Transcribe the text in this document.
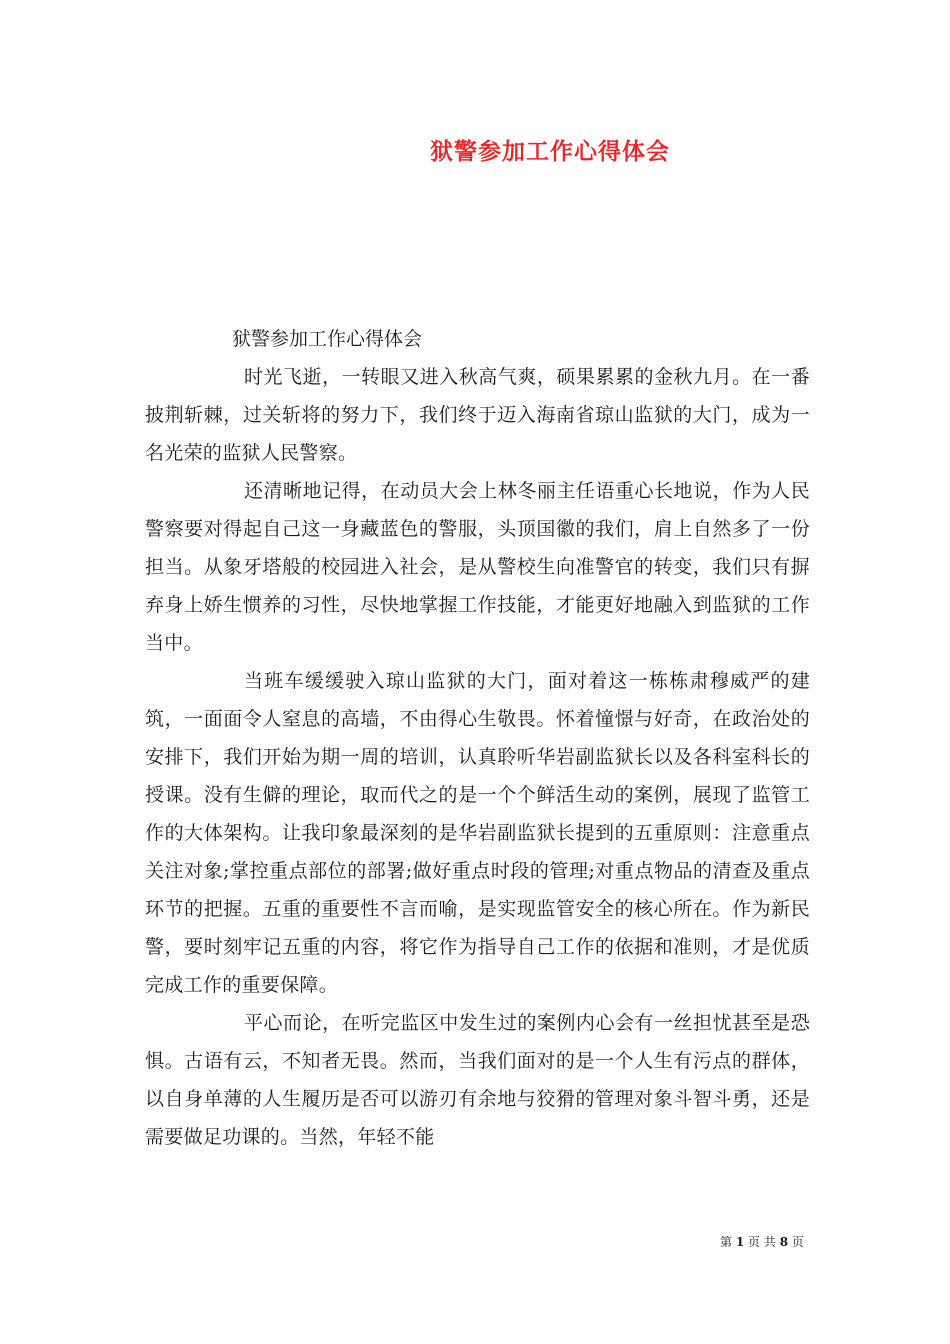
狱警参加工作心得体会
狱警参加工作心得体会

时光飞逝，一转眼又进入秋高气爽，硕果累累的金秋九月。在一番披荆斩棘，过关斩将的努力下，我们终于迈入海南省琼山监狱的大门，成为一名光荣的监狱人民警察。

还清晰地记得，在动员大会上林冬丽主任语重心长地说，作为人民警察要对得起自己这一身藏蓝色的警服，头顶国徽的我们，肩上自然多了一份担当。从象牙塔般的校园进入社会，是从警校生向准警官的转变，我们只有摒弃身上娇生惯养的习性，尽快地掌握工作技能，才能更好地融入到监狱的工作当中。

当班车缓缓驶入琼山监狱的大门，面对着这一栋栋肃穆威严的建筑，一面面令人窒息的高墙，不由得心生敬畏。怀着憧憬与好奇，在政治处的安排下，我们开始为期一周的培训，认真聆听华岩副监狱长以及各科室科长的授课。没有生僻的理论，取而代之的是一个个鲜活生动的案例，展现了监管工作的大体架构。让我印象最深刻的是华岩副监狱长提到的五重原则：注意重点关注对象;掌控重点部位的部署;做好重点时段的管理;对重点物品的清查及重点环节的把握。五重的重要性不言而喻，是实现监管安全的核心所在。作为新民警，要时刻牢记五重的内容，将它作为指导自己工作的依据和准则，才是优质完成工作的重要保障。

平心而论，在听完监区中发生过的案例内心会有一丝担忧甚至是恐惧。古语有云，不知者无畏。然而，当我们面对的是一个人生有污点的群体，以自身单薄的人生履历是否可以游刃有余地与狡猾的管理对象斗智斗勇，还是需要做足功课的。当然，年轻不能

第 1 页 共 8 页
